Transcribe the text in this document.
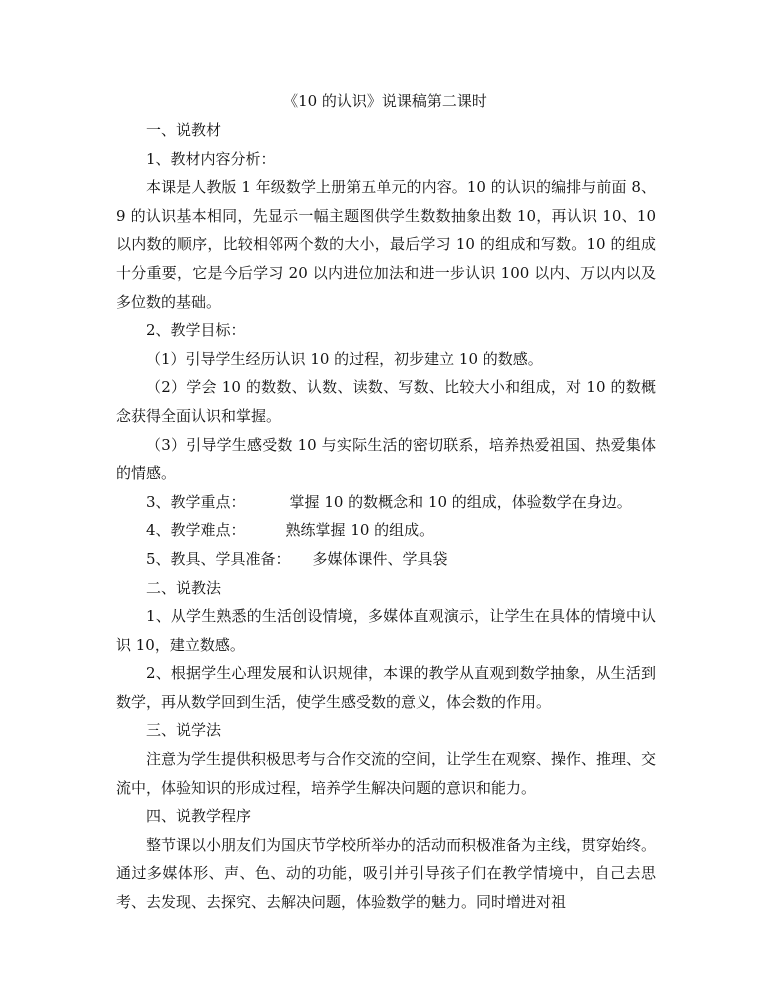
《10 的认识》说课稿第二课时

一、说教材

1、教材内容分析：

本课是人教版 1 年级数学上册第五单元的内容。10 的认识的编排与前面 8、9 的认识基本相同，先显示一幅主题图供学生数数抽象出数 10，再认识 10、10 以内数的顺序，比较相邻两个数的大小，最后学习 10 的组成和写数。10 的组成十分重要，它是今后学习 20 以内进位加法和进一步认识 100 以内、万以内以及多位数的基础。

2、教学目标：

（1）引导学生经历认识 10 的过程，初步建立 10 的数感。

（2）学会 10 的数数、认数、读数、写数、比较大小和组成，对 10 的数概念获得全面认识和掌握。

（3）引导学生感受数 10 与实际生活的密切联系，培养热爱祖国、热爱集体的情感。

3、教学重点：	掌握 10 的数概念和 10 的组成，体验数学在身边。

4、教学难点：	熟练掌握 10 的组成。

5、教具、学具准备： 多媒体课件、学具袋

二、说教法

1、从学生熟悉的生活创设情境，多媒体直观演示，让学生在具体的情境中认识 10，建立数感。

2、根据学生心理发展和认识规律，本课的教学从直观到数学抽象，从生活到数学，再从数学回到生活，使学生感受数的意义，体会数的作用。

三、说学法

注意为学生提供积极思考与合作交流的空间，让学生在观察、操作、推理、交流中，体验知识的形成过程，培养学生解决问题的意识和能力。

四、说教学程序

整节课以小朋友们为国庆节学校所举办的活动而积极准备为主线，贯穿始终。通过多媒体形、声、色、动的功能，吸引并引导孩子们在教学情境中，自己去思考、去发现、去探究、去解决问题，体验数学的魅力。同时增进对祖
